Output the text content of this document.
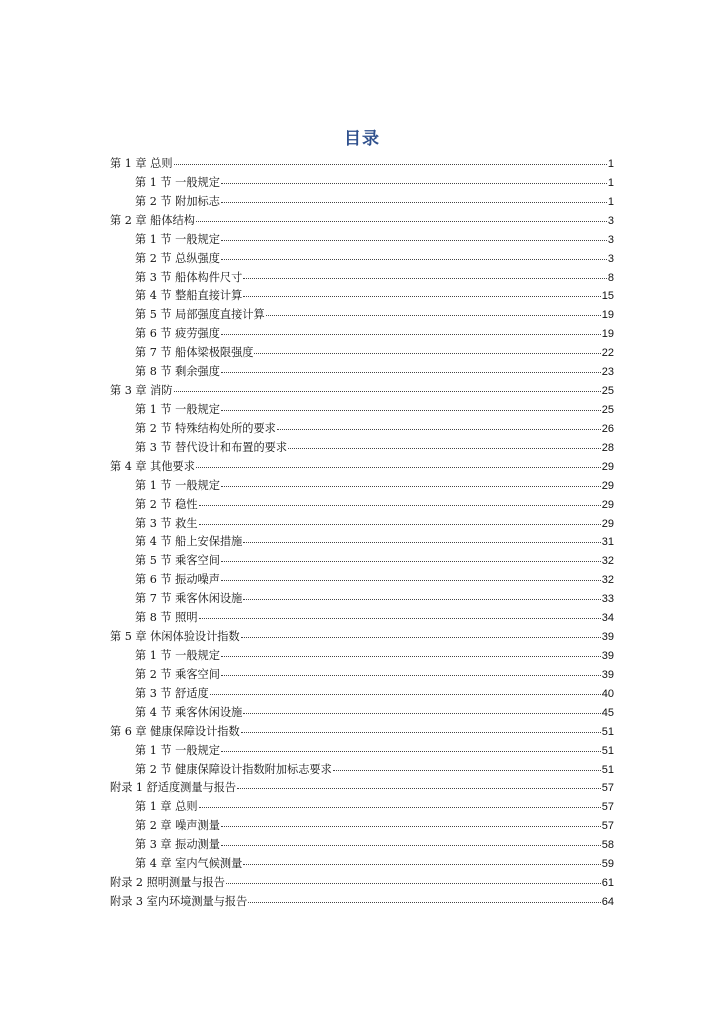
目录
第 1 章 总则	1
第 1 节 一般规定	1
第 2 节 附加标志	1
第 2 章 船体结构	3
第 1 节 一般规定	3
第 2 节 总纵强度	3
第 3 节 船体构件尺寸	8
第 4 节 整船直接计算	15
第 5 节 局部强度直接计算	19
第 6 节 疲劳强度	19
第 7 节 船体梁极限强度	22
第 8 节 剩余强度	23
第 3 章 消防	25
第 1 节 一般规定	25
第 2 节 特殊结构处所的要求	26
第 3 节 替代设计和布置的要求	28
第 4 章 其他要求	29
第 1 节 一般规定	29
第 2 节 稳性	29
第 3 节 救生	29
第 4 节 船上安保措施	31
第 5 节 乘客空间	32
第 6 节 振动噪声	32
第 7 节 乘客休闲设施	33
第 8 节 照明	34
第 5 章 休闲体验设计指数	39
第 1 节 一般规定	39
第 2 节 乘客空间	39
第 3 节 舒适度	40
第 4 节 乘客休闲设施	45
第 6 章 健康保障设计指数	51
第 1 节 一般规定	51
第 2 节 健康保障设计指数附加标志要求	51
附录 1 舒适度测量与报告	57
第 1 章 总则	57
第 2 章 噪声测量	57
第 3 章 振动测量	58
第 4 章 室内气候测量	59
附录 2 照明测量与报告	61
附录 3 室内环境测量与报告	64
